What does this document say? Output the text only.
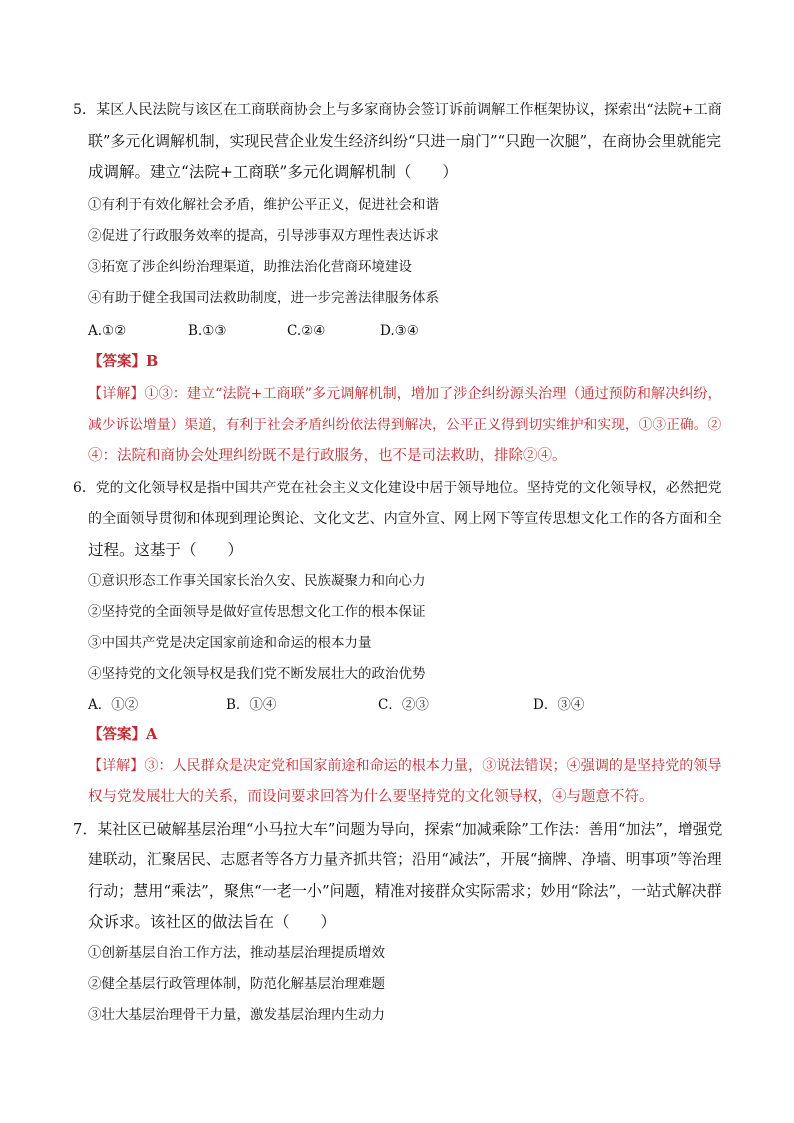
5．某区人民法院与该区在工商联商协会上与多家商协会签订诉前调解工作框架协议，探索出“法院+工商
联”多元化调解机制，实现民营企业发生经济纠纷“只进一扇门”“只跑一次腿”，在商协会里就能完
成调解。建立“法院+工商联”多元化调解机制（　　）
①有利于有效化解社会矛盾，维护公平正义，促进社会和谐
②促进了行政服务效率的提高，引导涉事双方理性表达诉求
③拓宽了涉企纠纷治理渠道，助推法治化营商环境建设
④有助于健全我国司法救助制度，进一步完善法律服务体系
A.①②	B.①③	C.②④	D.③④
【答案】B
【详解】①③：建立“法院+工商联”多元调解机制，增加了涉企纠纷源头治理（通过预防和解决纠纷，
减少诉讼增量）渠道，有利于社会矛盾纠纷依法得到解决，公平正义得到切实维护和实现，①③正确。②
④：法院和商协会处理纠纷既不是行政服务，也不是司法救助，排除②④。
6．党的文化领导权是指中国共产党在社会主义文化建设中居于领导地位。坚持党的文化领导权，必然把党
的全面领导贯彻和体现到理论舆论、文化文艺、内宣外宣、网上网下等宣传思想文化工作的各方面和全
过程。这基于（　　）
①意识形态工作事关国家长治久安、民族凝聚力和向心力
②坚持党的全面领导是做好宣传思想文化工作的根本保证
③中国共产党是决定国家前途和命运的根本力量
④坚持党的文化领导权是我们党不断发展壮大的政治优势
A．①②	B．①④	C．②③	D．③④
【答案】A
【详解】③：人民群众是决定党和国家前途和命运的根本力量，③说法错误；④强调的是坚持党的领导
权与党发展壮大的关系，而设问要求回答为什么要坚持党的文化领导权，④与题意不符。
7．某社区已破解基层治理“小马拉大车”问题为导向，探索“加减乘除”工作法：善用“加法”，增强党
建联动，汇聚居民、志愿者等各方力量齐抓共管；沿用“减法”，开展“摘牌、净墙、明事项”等治理
行动；慧用“乘法”，聚焦“一老一小”问题，精准对接群众实际需求；妙用“除法”，一站式解决群
众诉求。该社区的做法旨在（　　）
①创新基层自治工作方法，推动基层治理提质增效
②健全基层行政管理体制，防范化解基层治理难题
③壮大基层治理骨干力量，激发基层治理内生动力
